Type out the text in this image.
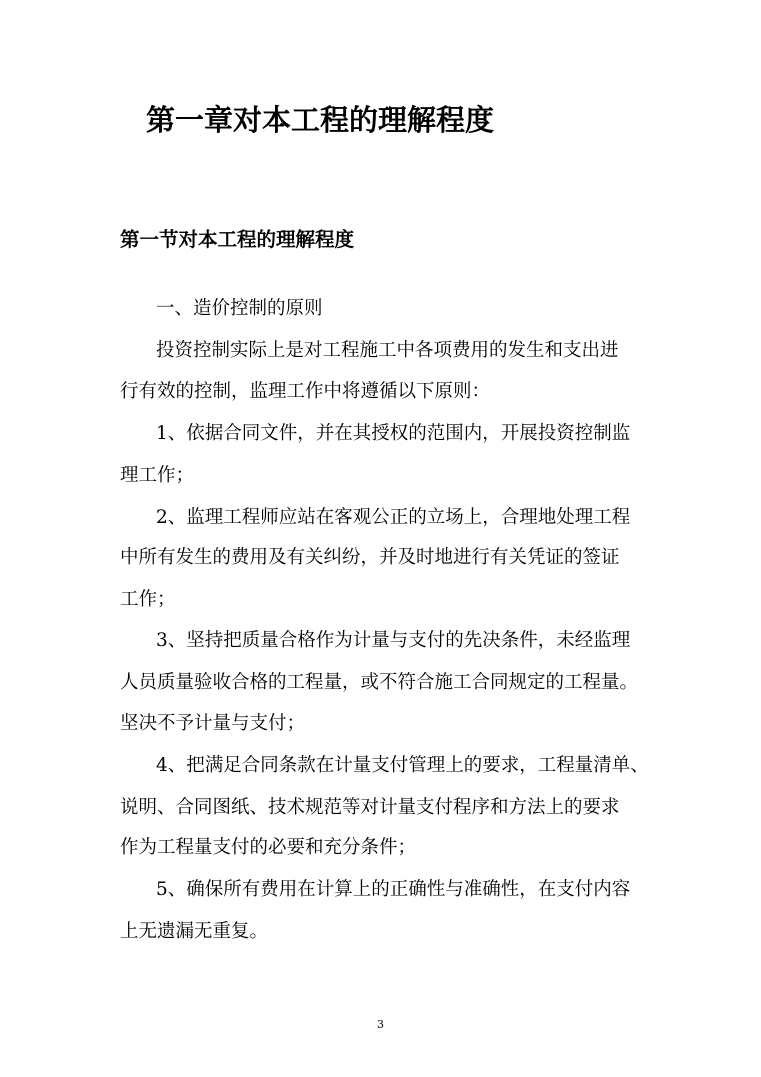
第一章对本工程的理解程度
第一节对本工程的理解程度
一、造价控制的原则
投资控制实际上是对工程施工中各项费用的发生和支出进
行有效的控制，监理工作中将遵循以下原则：
1、依据合同文件，并在其授权的范围内，开展投资控制监
理工作；
2、监理工程师应站在客观公正的立场上，合理地处理工程
中所有发生的费用及有关纠纷，并及时地进行有关凭证的签证
工作；
3、坚持把质量合格作为计量与支付的先决条件，未经监理
人员质量验收合格的工程量，或不符合施工合同规定的工程量。
坚决不予计量与支付；
4、把满足合同条款在计量支付管理上的要求，工程量清单、
说明、合同图纸、技术规范等对计量支付程序和方法上的要求
作为工程量支付的必要和充分条件；
5、确保所有费用在计算上的正确性与准确性，在支付内容
上无遗漏无重复。
3
